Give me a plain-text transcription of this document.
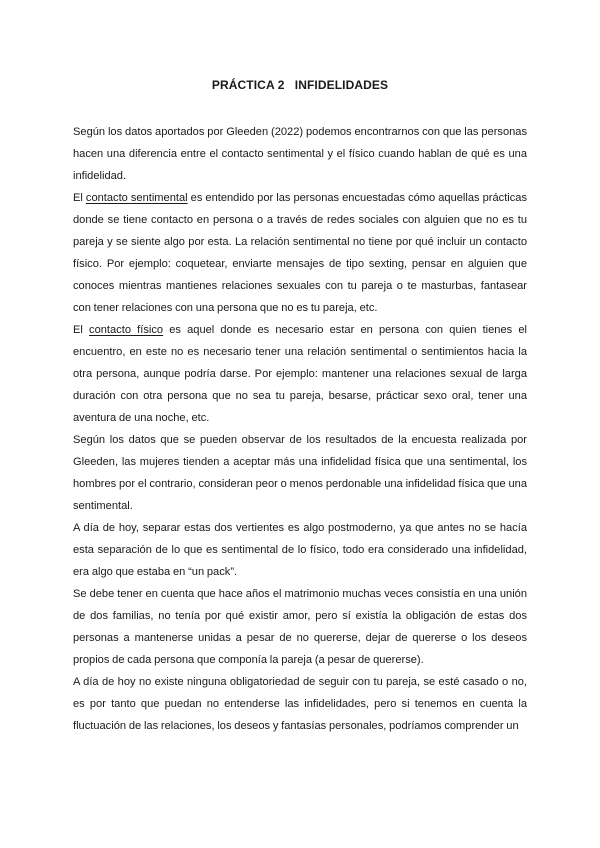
PRÁCTICA 2   INFIDELIDADES

Según los datos aportados por Gleeden (2022) podemos encontrarnos con que las personas hacen una diferencia entre el contacto sentimental y el físico cuando hablan de qué es una infidelidad.

El contacto sentimental es entendido por las personas encuestadas cómo aquellas prácticas donde se tiene contacto en persona o a través de redes sociales con alguien que no es tu pareja y se siente algo por esta. La relación sentimental no tiene por qué incluir un contacto físico. Por ejemplo: coquetear, enviarte mensajes de tipo sexting, pensar en alguien que conoces mientras mantienes relaciones sexuales con tu pareja o te masturbas, fantasear con tener relaciones con una persona que no es tu pareja, etc.

El contacto físico es aquel donde es necesario estar en persona con quien tienes el encuentro, en este no es necesario tener una relación sentimental o sentimientos hacia la otra persona, aunque podría darse. Por ejemplo: mantener una relaciones sexual de larga duración con otra persona que no sea tu pareja, besarse, prácticar sexo oral, tener una aventura de una noche, etc.

Según los datos que se pueden observar de los resultados de la encuesta realizada por Gleeden, las mujeres tienden a aceptar más una infidelidad física que una sentimental, los hombres por el contrario, consideran peor o menos perdonable una infidelidad física que una sentimental.

A día de hoy, separar estas dos vertientes es algo postmoderno, ya que antes no se hacía esta separación de lo que es sentimental de lo físico, todo era considerado una infidelidad, era algo que estaba en “un pack”.

Se debe tener en cuenta que hace años el matrimonio muchas veces consistía en una unión de dos familias, no tenía por qué existir amor, pero sí existía la obligación de estas dos personas a mantenerse unidas a pesar de no quererse, dejar de quererse o los deseos propios de cada persona que componía la pareja (a pesar de quererse).

A día de hoy no existe ninguna obligatoriedad de seguir con tu pareja, se esté casado o no, es por tanto que puedan no entenderse las infidelidades, pero si tenemos en cuenta la fluctuación de las relaciones, los deseos y fantasías personales, podríamos comprender un
